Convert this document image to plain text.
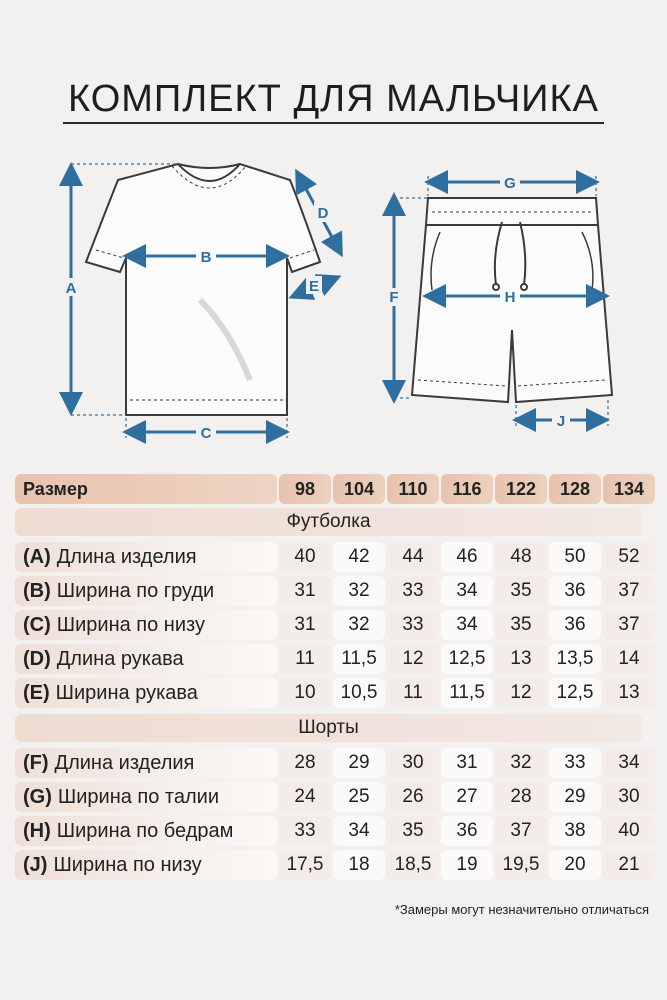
КОМПЛЕКТ ДЛЯ МАЛЬЧИКА
A
B
C
D
E
G
F	H
J
Размер	98	104	110	116	122	128	134
Футболка
(A) Длина изделия	40	42	44	46	48	50	52
(B) Ширина по груди	31	32	33	34	35	36	37
(C) Ширина по низу	31	32	33	34	35	36	37
(D) Длина рукава	11	11,5	12	12,5	13	13,5	14
(E) Ширина рукава	10	10,5	11	11,5	12	12,5	13
Шорты
(F) Длина изделия	28	29	30	31	32	33	34
(G) Ширина по талии	24	25	26	27	28	29	30
(H) Ширина по бедрам	33	34	35	36	37	38	40
(J) Ширина по низу	17,5	18	18,5	19	19,5	20	21
*Замеры могут незначительно отличаться
